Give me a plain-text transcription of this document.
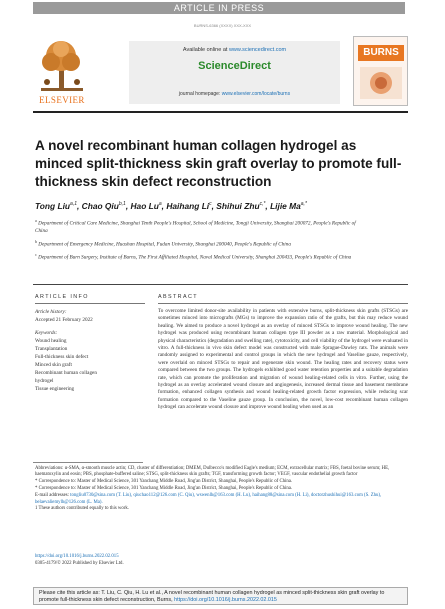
ARTICLE IN PRESS
BURNS-6366 (XXXX) XXX-XXX
ELSEVIER
Available online at www.sciencedirect.com
ScienceDirect
journal homepage: www.elsevier.com/locate/burns
BURNS
A novel recombinant human collagen hydrogel as minced split-thickness skin graft overlay to promote full-thickness skin defect reconstruction
Tong Liu$^{a,1}$, Chao Qiu$^{b,1}$, Hao Lu$^a$, Haihang Li$^c$, Shihui Zhu$^{c,*}$, Lijie $Ma^{a,*}$
$^a$ Department of Critical Care Medicine, Shanghai Tenth People's Hospital, School of Medicine, Tongji University, Shanghai 200072, People's Republic of China
$^b$ Department of Emergency Medicine, Huashan Hospital, Fudan University, Shanghai 200040, People's Republic of China
$^c$ Department of Burn Surgery, Institute of Burns, The First Affiliated Hospital, Naval Medical University, Shanghai 200433, People's Republic of China
ARTICLE INFO	ABSTRACT
Article history:
Accepted 21 February 2022
Keywords:
Wound healing
Transplantation
Full-thickness skin defect
Minced skin graft
Recombinant human collagen
hydrogel
Tissue engineering
To overcome limited donor-site availability in patients with extensive burns, split-thickness skin grafts (STSGs) are sometimes minced into micrografts (MGs) to improve the expansion ratio of the grafts, but this may reduce wound healing. We aimed to produce a novel hydrogel as an overlay of minced STSGs to improve wound healing. The new hydrogel was produced using recombinant human collagen type III powder as a raw material. Morphological and physical characteristics (degradation and swelling rate), cytotoxicity, and cell viability of the hydrogel were evaluated in vitro. A full-thickness in vivo skin defect model was constructed with male Sprague-Dawley rats. The animals were randomly assigned to experimental and control groups in which the new hydrogel and Vaseline gauze, respectively, were overlaid on minced STSGs to repair and regenerate skin wound. The healing rates and recovery status were compared between the two groups. The hydrogels exhibited good water retention properties and a suitable degradation rate, which can promote the proliferation and migration of wound healing-related cells in vitro. Further, using the hydrogel as an overlay accelerated wound closure and angiogenesis, increased dermal tissue and basement membrane formation, enhanced collagen synthesis and wound healing-related growth factor expression, while reducing scar formation compared to the Vaseline gauze group. In conclusion, the novel, low-cost recombinant human collagen hydrogel can accelerate wound closure and improve wound healing when used as an
Abbreviations: α-SMA, α-smooth muscle actin; CD, cluster of differentiation; DMEM, Dulbecco's modified Eagle's medium; ECM, extracellular matrix; FBS, foetal bovine serum; HE, haematoxylin and eosin; PBS, phosphate-buffered saline; STSG, split-thickness skin grafts; TGF, transforming growth factor; VEGF, vascular endothelial growth factor
* Correspondence to: Master of Medical Science, 301 Yanchang Middle Road, Jing'an District, Shanghai, People's Republic of China.
* Correspondence to: Master of Medical Science, 301 Yanchang Middle Road, Jing'an District, Shanghai, People's Republic of China.
E-mail addresses: tongliu0730@sina.com (T. Liu), qiuchao112@126.com (C. Qiu), wswenlh@163.com (H. Lu), haihang88@sina.com (H. Li), doctorzhushihui@163.com (S. Zhu), belaevaliemylh@126.com (L. Ma).
1 These authors contributed equally to this work.
https://doi.org/10.1016/j.burns.2022.02.015
0305-4179/© 2022 Published by Elsevier Ltd.
Please cite this article as: T. Liu, C. Qiu, H. Lu et al., A novel recombinant human collagen hydrogel as minced split-thickness skin graft overlay to promote full-thickness skin defect reconstruction, Burns, https://doi.org/10.1016/j.burns.2022.02.015
